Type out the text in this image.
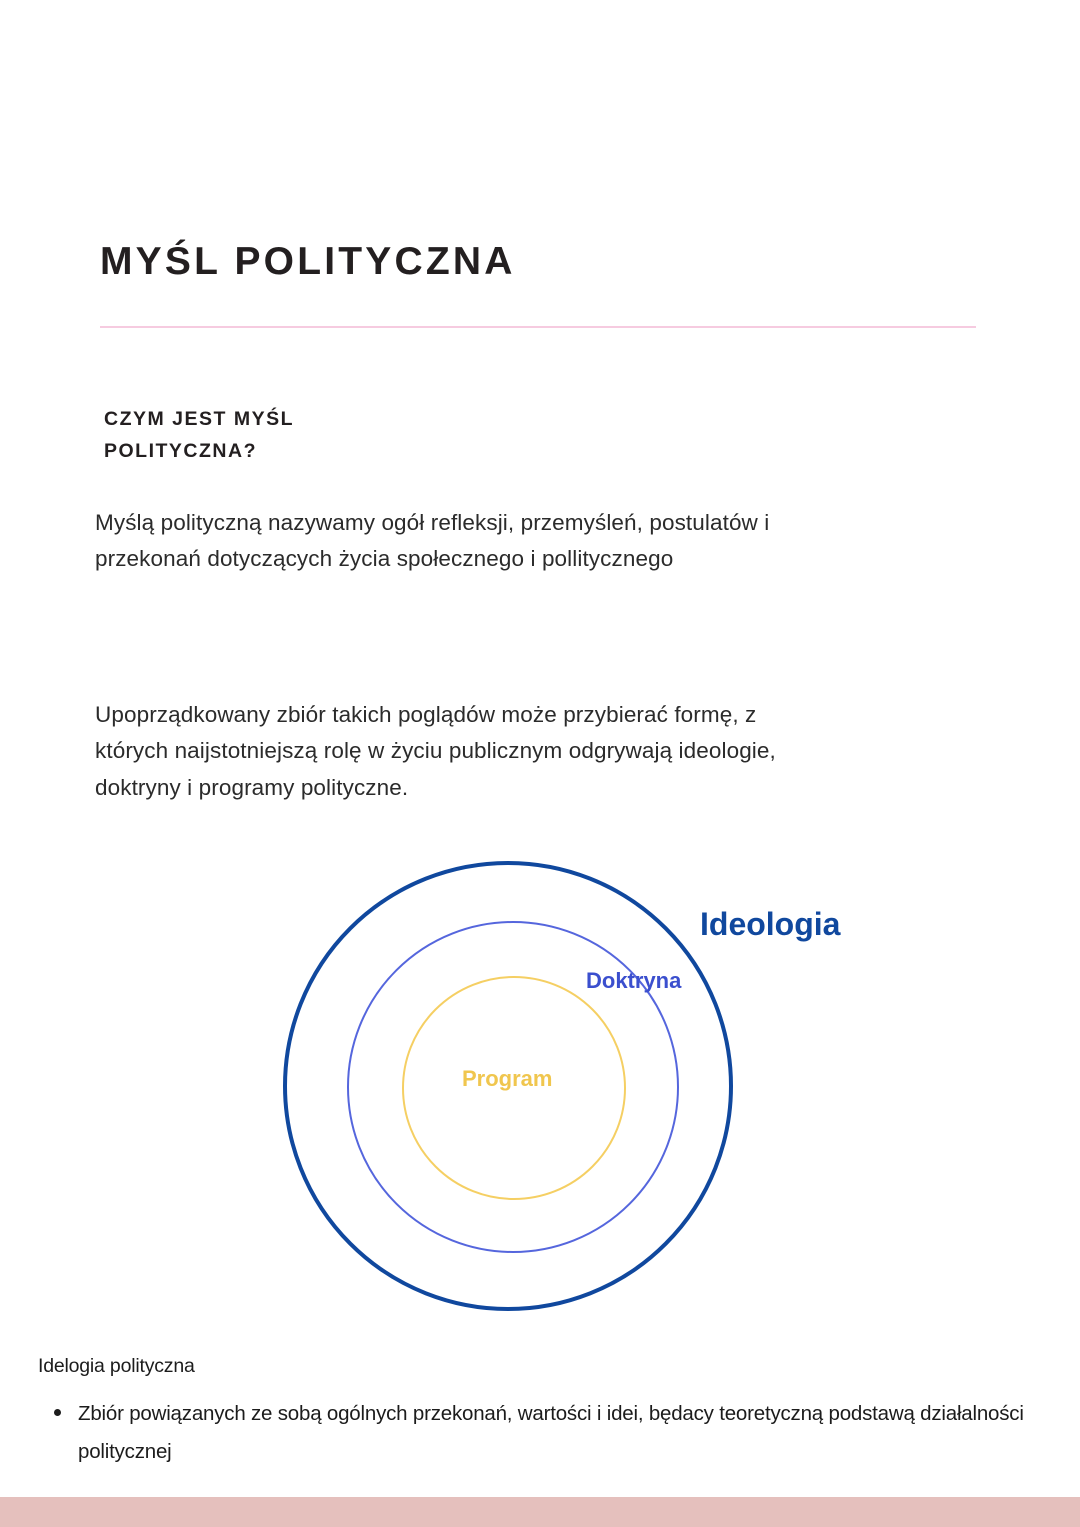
MYŚL POLITYCZNA
CZYM JEST MYŚL
POLITYCZNA?
Myślą polityczną nazywamy ogół refleksji, przemyśleń, postulatów i
przekonań dotyczących życia społecznego i pollitycznego
Upoprządkowany zbiór takich poglądów może przybierać formę, z
których naijstotniejszą rolę w życiu publicznym odgrywają ideologie,
doktryny i programy polityczne.
Ideologia
Doktryna
Program
Idelogia polityczna
Zbiór powiązanych ze sobą ogólnych przekonań, wartości i idei, będacy teoretyczną podstawą działalności politycznej
